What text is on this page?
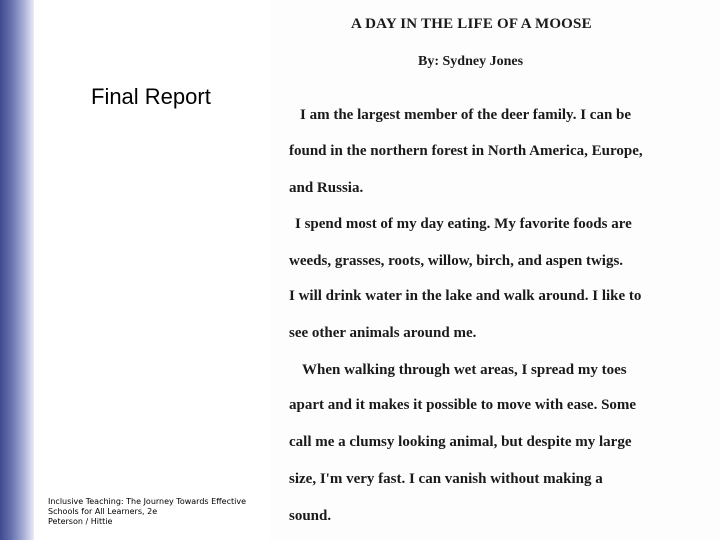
Final Report
Inclusive Teaching: The Journey Towards Effective
Schools for All Learners, 2e
Peterson / Hittie
A DAY IN THE LIFE OF A MOOSE
By: Sydney Jones
I am the largest member of the deer family. I can be
found in the northern forest in North America, Europe,
and Russia.
I spend most of my day eating. My favorite foods are
weeds, grasses, roots, willow, birch, and aspen twigs.
I will drink water in the lake and walk around. I like to
see other animals around me.
When walking through wet areas, I spread my toes
apart and it makes it possible to move with ease. Some
call me a clumsy looking animal, but despite my large
size, I'm very fast. I can vanish without making a
sound.
